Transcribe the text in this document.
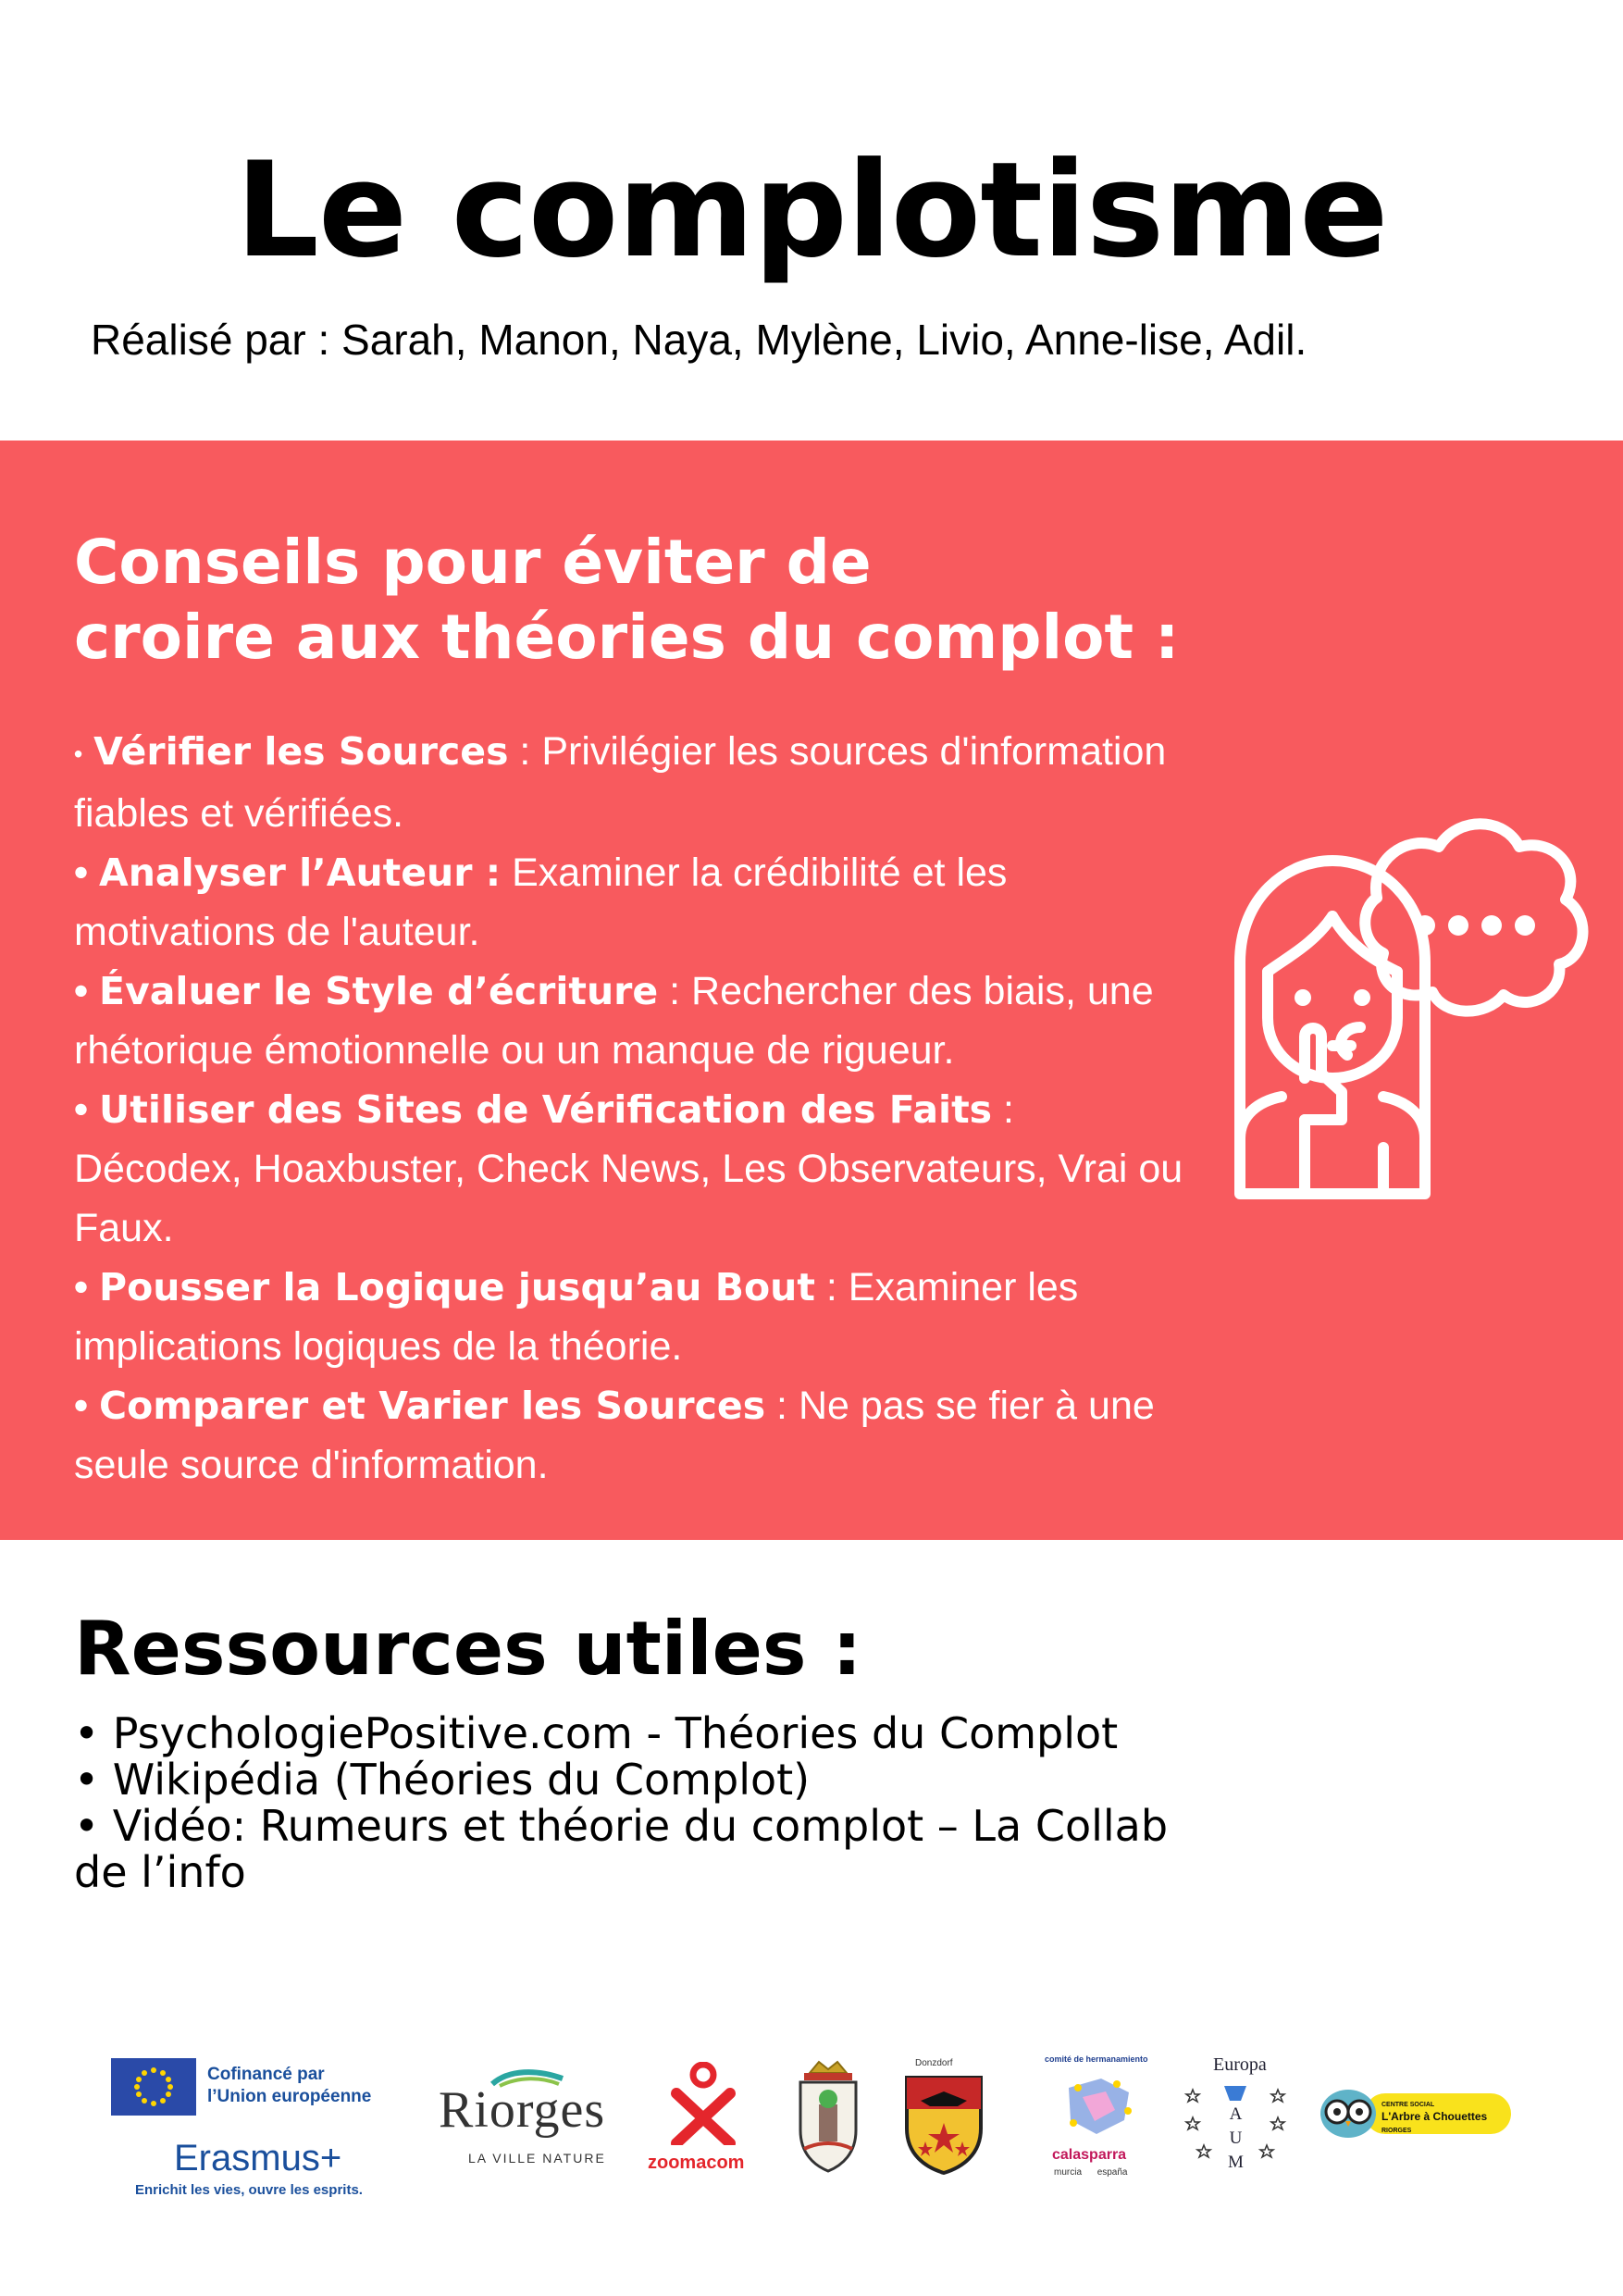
Le complotisme
Réalisé par : Sarah, Manon, Naya, Mylène, Livio, Anne-lise, Adil.
Conseils pour éviter de
croire aux théories du complot :
• Vérifier les Sources : Privilégier les sources d'information fiables et vérifiées.
• Analyser l’Auteur : Examiner la crédibilité et les motivations de l'auteur.
• Évaluer le Style d’écriture : Rechercher des biais, une rhétorique émotionnelle ou un manque de rigueur.
• Utiliser des Sites de Vérification des Faits : Décodex, Hoaxbuster, Check News, Les Observateurs, Vrai ou Faux.
• Pousser la Logique jusqu’au Bout : Examiner les implications logiques de la théorie.
• Comparer et Varier les Sources : Ne pas se fier à une seule source d'information.
Ressources utiles :
• PsychologiePositive.com - Théories du Complot
• Wikipédia (Théories du Complot)
• Vidéo: Rumeurs et théorie du complot – La Collab de l’info
Cofinancé par
l’Union européenne
Erasmus+
Enrichit les vies, ouvre les esprits.
Riorges
LA VILLE NATURE zoomacom
Donzdorf	comité de hermanamiento
calasparra
murcia españa
Europa
A
U
M
CENTRE SOCIAL
L'Arbre à Chouettes
RIORGES
